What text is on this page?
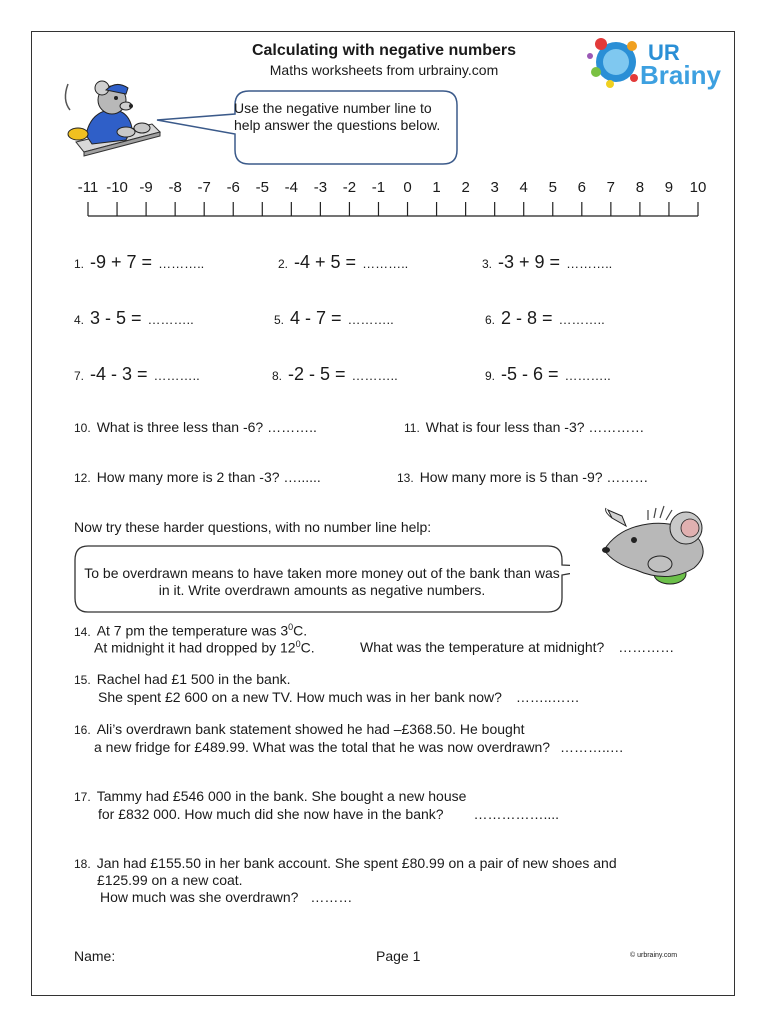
Calculating with negative numbers
Maths worksheets from urbrainy.com
UR
Brainy
Use the negative number line to help answer the questions below.
-11 -10 -9 -8 -7 -6 -5 -4 -3 -2 -1 0 1 2 3 4 5 6 7 8 9 10
1. -9 + 7 = ………..	2. -4 + 5 = ………..	3. -3 + 9 = ………..
4. 3 - 5 = ………..	5. 4 - 7 = ………..	6. 2 - 8 = ………..
7. -4 - 3 = ………..	8. -2 - 5 = ………..	9. -5 - 6 = ………..
10. What is three less than -6? ………..	11. What is four less than -3? …………
12. How many more is 2 than -3? …......	13. How many more is 5 than -9? ………
Now try these harder questions, with no number line help:
To be overdrawn means to have taken more money out of the bank than was in it. Write overdrawn amounts as negative numbers.
14. At 7 pm the temperature was $3^0C$.
At midnight it had dropped by $12^0C$.	What was the temperature at midnight? …………
15. Rachel had £1 500 in the bank.
She spent £2 600 on a new TV. How much was in her bank now? ……..……
16. Ali’s overdrawn bank statement showed he had –£368.50. He bought
a new fridge for £489.99. What was the total that he was now overdrawn? ………..…
17. Tammy had £546 000 in the bank. She bought a new house
for £832 000. How much did she now have in the bank? ……………....
18. Jan had £155.50 in her bank account. She spent £80.99 on a pair of new shoes and
£125.99 on a new coat.
How much was she overdrawn? ………
Name:	Page 1	© urbrainy.com
